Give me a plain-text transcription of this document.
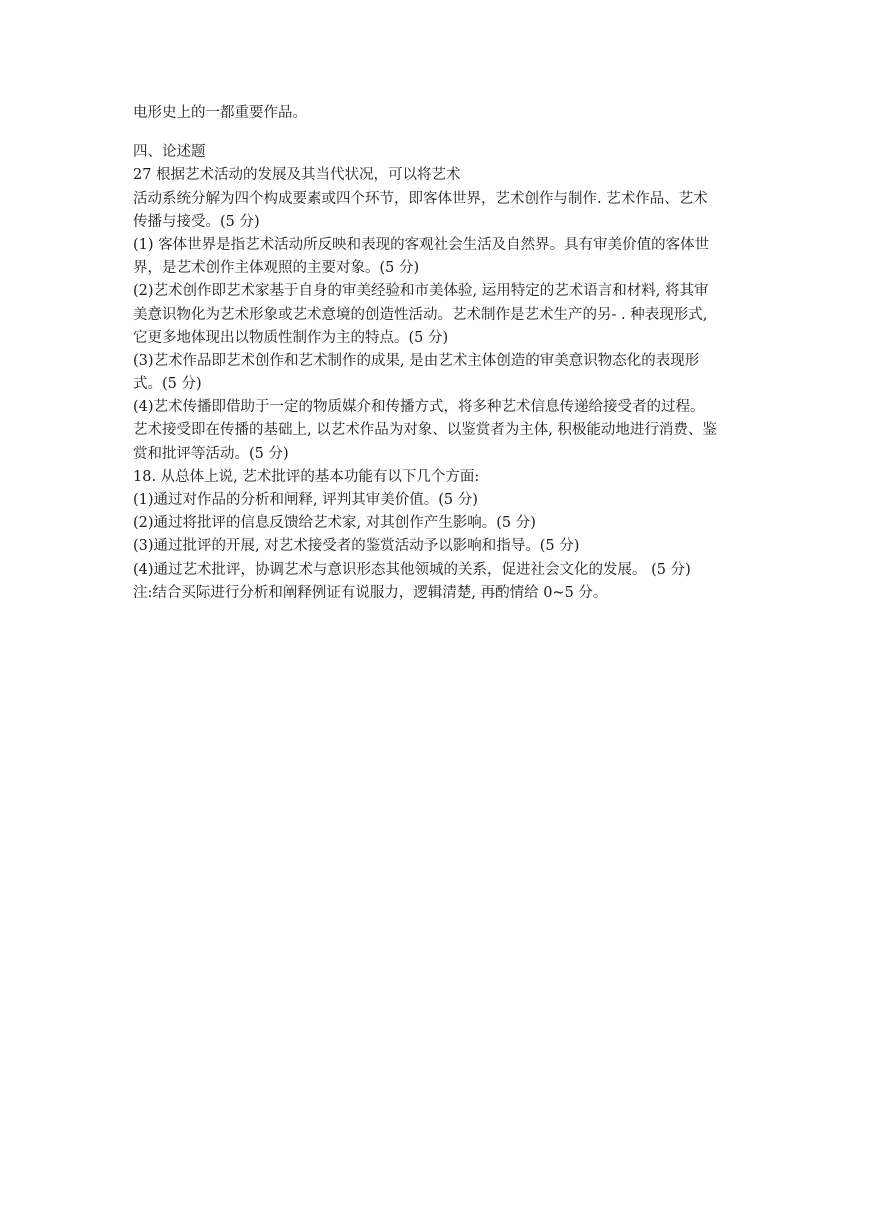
电形史上的一都重要作品。
四、论述题
27 根据艺术活动的发展及其当代状况，可以将艺术
活动系统分解为四个构成要素或四个环节，即客体世界，艺术创作与制作. 艺术作品、艺术
传播与接受。(5 分)
(1) 客体世界是指艺术活动所反映和表现的客观社会生活及自然界。具有审美价值的客体世
界，是艺术创作主体观照的主要对象。(5 分)
(2)艺术创作即艺术家基于自身的审美经验和市美体验, 运用特定的艺术语言和材料, 将其审
美意识物化为艺术形象或艺术意境的创造性活动。艺术制作是艺术生产的另- . 种表现形式,
它更多地体现出以物质性制作为主的特点。(5 分)
(3)艺术作品即艺术创作和艺术制作的成果, 是由艺术主体创造的审美意识物态化的表现形
式。(5 分)
(4)艺术传播即借助于一定的物质媒介和传播方式，将多种艺术信息传递给接受者的过程。
艺术接受即在传播的基础上, 以艺术作品为对象、以鉴赏者为主体, 积极能动地进行消费、鉴
赏和批评等活动。(5 分)
18. 从总体上说, 艺术批评的基本功能有以下几个方面:
(1)通过对作品的分析和闸释, 评判其审美价值。(5 分)
(2)通过将批评的信息反馈给艺术家, 对其创作产生影响。(5 分)
(3)通过批评的开展, 对艺术接受者的鉴赏活动予以影响和指导。(5 分)
(4)通过艺术批评，协调艺术与意识形态其他领城的关系，促进社会文化的发展。 (5 分)
注:结合买际进行分析和阐释例证有说服力，逻辑清楚, 再酌情给 0~5 分。
